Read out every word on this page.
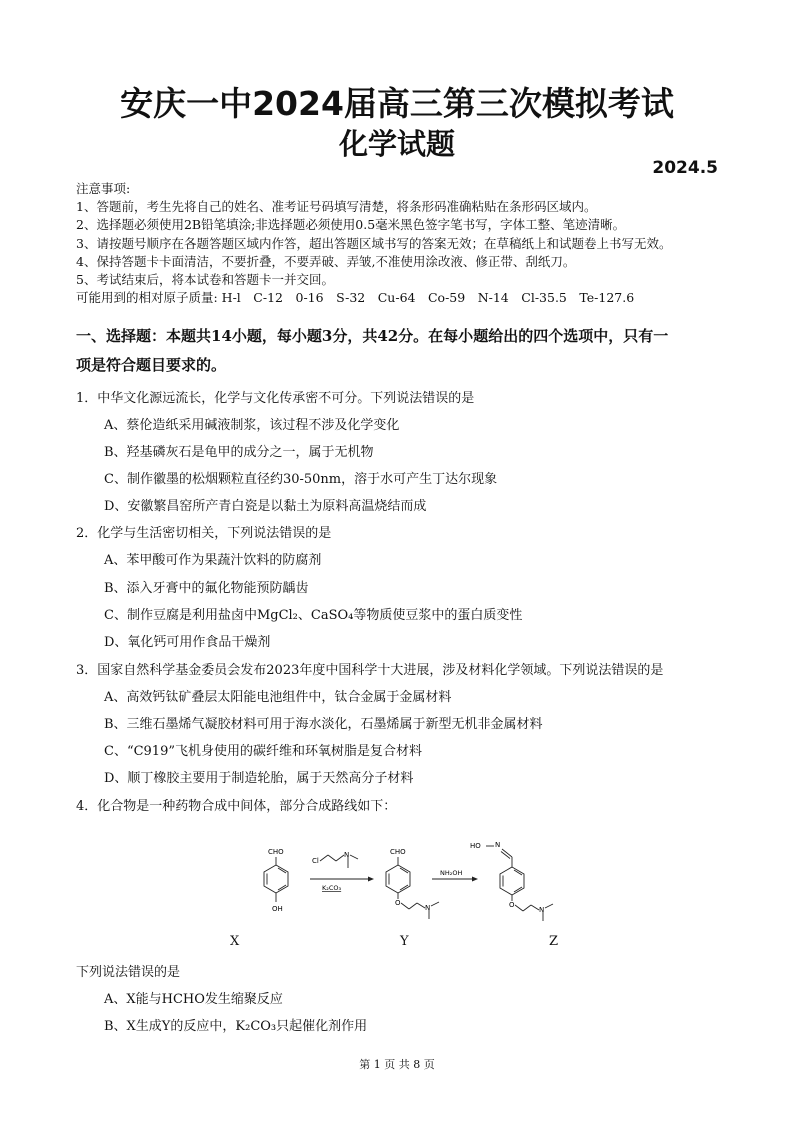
安庆一中2024届高三第三次模拟考试
化学试题
2024.5
注意事项:
1、答题前，考生先将自己的姓名、准考证号码填写清楚，将条形码准确粘贴在条形码区域内。
2、选择题必须使用2B铅笔填涂;非选择题必须使用0.5毫米黑色签字笔书写，字体工整、笔迹清晰。
3、请按题号顺序在各题答题区域内作答，超出答题区域书写的答案无效；在草稿纸上和试题卷上书写无效。
4、保持答题卡卡面清洁，不要折叠，不要弄破、弄皱,不准使用涂改液、修正带、刮纸刀。
5、考试结束后，将本试卷和答题卡一并交回。
可能用到的相对原子质量: H-l　C-12　0-16　S-32　Cu-64　Co-59　N-14　Cl-35.5　Te-127.6
一、选择题：本题共14小题，每小题3分，共42分。在每小题给出的四个选项中，只有一
项是符合题目要求的。
1．中华文化源远流长，化学与文化传承密不可分。下列说法错误的是
A、蔡伦造纸采用碱液制浆，该过程不涉及化学变化
B、羟基磷灰石是龟甲的成分之一，属于无机物
C、制作徽墨的松烟颗粒直径约30-50nm，溶于水可产生丁达尔现象
D、安徽繁昌窑所产青白瓷是以黏土为原料高温烧结而成
2．化学与生活密切相关，下列说法错误的是
A、苯甲酸可作为果蔬汁饮料的防腐剂
B、添入牙膏中的氟化物能预防龋齿
C、制作豆腐是利用盐卤中MgCl₂、CaSO₄等物质使豆浆中的蛋白质变性
D、氧化钙可用作食品干燥剂
3．国家自然科学基金委员会发布2023年度中国科学十大进展，涉及材料化学领域。下列说法错误的是
A、高效钙钛矿叠层太阳能电池组件中，钛合金属于金属材料
B、三维石墨烯气凝胶材料可用于海水淡化，石墨烯属于新型无机非金属材料
C、“C919”飞机身使用的碳纤维和环氧树脂是复合材料
D、顺丁橡胶主要用于制造轮胎，属于天然高分子材料
4．化合物是一种药物合成中间体，部分合成路线如下：
CHO
OH
Cl
N
K₂CO₃
CHO
O
N
NH₂OH
HO N
O
N
X	Y	Z
下列说法错误的是
A、X能与HCHO发生缩聚反应
B、X生成Y的反应中，K₂CO₃只起催化剂作用
第 1 页 共 8 页
